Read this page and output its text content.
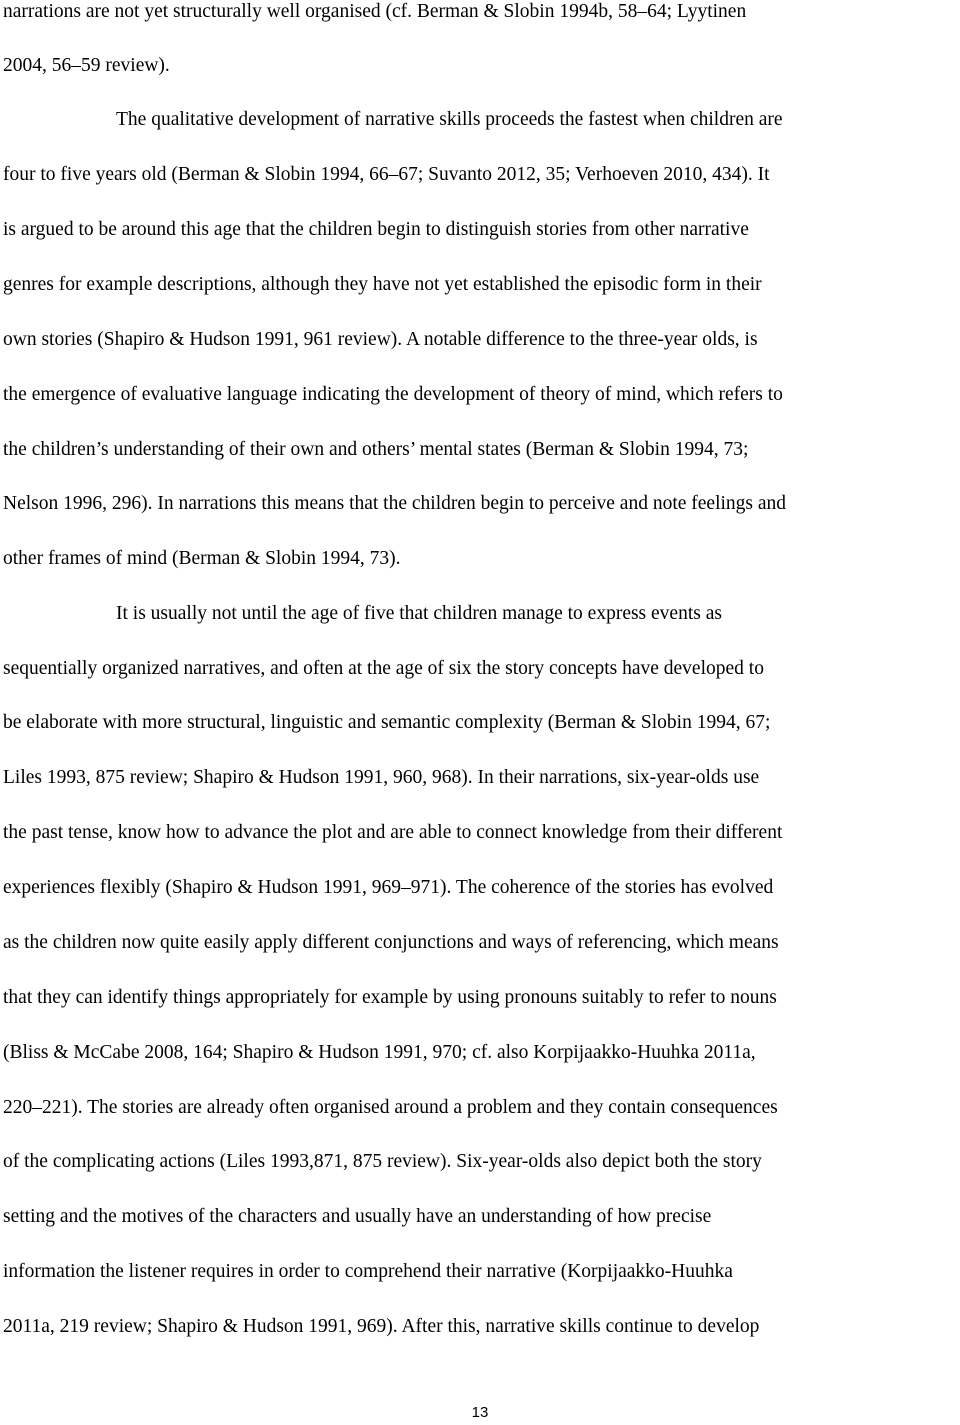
narrations are not yet structurally well organised (cf. Berman & Slobin 1994b, 58–64; Lyytinen
2004, 56–59 review).
The qualitative development of narrative skills proceeds the fastest when children are
four to five years old (Berman & Slobin 1994, 66–67; Suvanto 2012, 35; Verhoeven 2010, 434). It
is argued to be around this age that the children begin to distinguish stories from other narrative
genres for example descriptions, although they have not yet established the episodic form in their
own stories (Shapiro & Hudson 1991, 961 review). A notable difference to the three-year olds, is
the emergence of evaluative language indicating the development of theory of mind, which refers to
the children’s understanding of their own and others’ mental states (Berman & Slobin 1994, 73;
Nelson 1996, 296). In narrations this means that the children begin to perceive and note feelings and
other frames of mind (Berman & Slobin 1994, 73).
It is usually not until the age of five that children manage to express events as
sequentially organized narratives, and often at the age of six the story concepts have developed to
be elaborate with more structural, linguistic and semantic complexity (Berman & Slobin 1994, 67;
Liles 1993, 875 review; Shapiro & Hudson 1991, 960, 968). In their narrations, six-year-olds use
the past tense, know how to advance the plot and are able to connect knowledge from their different
experiences flexibly (Shapiro & Hudson 1991, 969–971). The coherence of the stories has evolved
as the children now quite easily apply different conjunctions and ways of referencing, which means
that they can identify things appropriately for example by using pronouns suitably to refer to nouns
(Bliss & McCabe 2008, 164; Shapiro & Hudson 1991, 970; cf. also Korpijaakko-Huuhka 2011a,
220–221). The stories are already often organised around a problem and they contain consequences
of the complicating actions (Liles 1993,871, 875 review). Six-year-olds also depict both the story
setting and the motives of the characters and usually have an understanding of how precise
information the listener requires in order to comprehend their narrative (Korpijaakko-Huuhka
2011a, 219 review; Shapiro & Hudson 1991, 969). After this, narrative skills continue to develop
13
